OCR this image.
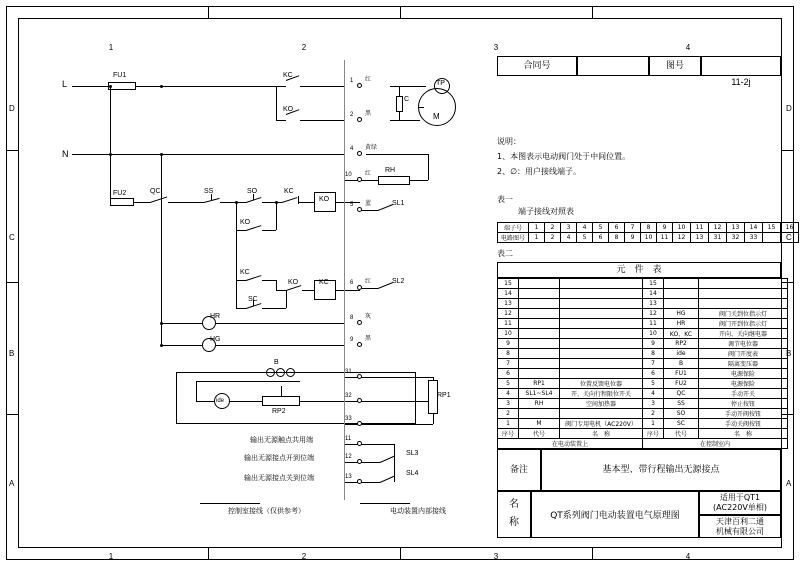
1	2	3	4
1	2	3	4
D
C
B
A
D
C
B
A
合同号	图号
11-2j
说明：
1、本图表示电动阀门处于中间位置。
2、∅：用户接线端子。
表一
端子接线对照表
端子号	1	2	3	4	5	6	7	8	9	10	11	12	13	14	15	16
电路图号	1	2	4	5	6	8	9	10	11	12	13	31	32	33		
表二
元　件　表
15			15		
14			14		
13			13		
12			12	HG	阀门关到位指示灯
11			11	HR	阀门开到位指示灯
10			10	KO、KC	开向、关向继电器
9			9	RP2	调节电位器
8			8	ide	阀门开度表
7			7	B	隔离变压器
6			6	FU1	电源保险
5	RP1	位置反馈电位器	5	FU2	电源保险
4	SL1~SL4	开、关向行程限位开关	4	QC	手动开关
3	RH	空间加热器	3	SS	停止按钮
2			2	SO	手动开阀按钮
1	M	阀门专用电机（AC220V）	1	SC	手动关阀按钮
序号	代号	名　称	序号	代号	名　称
在电动装置上			在控制室内		
备注	基本型、带行程输出无源接点
名
称
QT系列阀门电动装置电气原理图
适用于QT1
(AC220V单相)
天津百利二通
机械有限公司
L
N
FU1
FU2	QC	SS	SO
KC
KO
KO
KC
KO
KC
SC
KO	KC
SL1
SL2
SL3
SL4
HR
HG
RH
B
RP2
RP1
ide
TP
M
C
1
2
4
10
5
6
8
9
31
32
33
11
12
13
红
黑
黄绿
红
蓝
红
灰
黑
输出无源触点共用端
输出无源接点开到位端
输出无源接点关到位端
控制室接线（仅供参考）	电动装置内部接线
